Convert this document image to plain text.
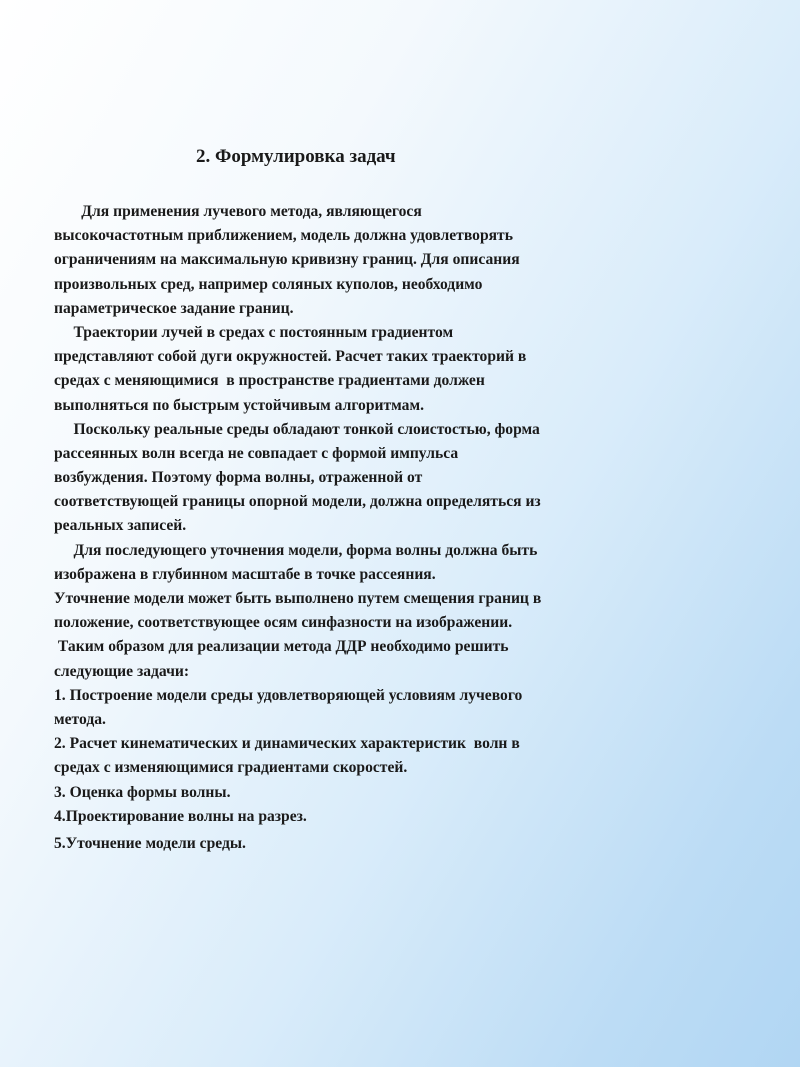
2. Формулировка задач
Для применения лучевого метода, являющегося
высокочастотным приближением, модель должна удовлетворять
ограничениям на максимальную кривизну границ. Для описания
произвольных сред, например соляных куполов, необходимо
параметрическое задание границ.
Траектории лучей в средах с постоянным градиентом
представляют собой дуги окружностей. Расчет таких траекторий в
средах с меняющимися  в пространстве градиентами должен
выполняться по быстрым устойчивым алгоритмам.
Поскольку реальные среды обладают тонкой слоистостью, форма
рассеянных волн всегда не совпадает с формой импульса
возбуждения. Поэтому форма волны, отраженной от
соответствующей границы опорной модели, должна определяться из
реальных записей.
Для последующего уточнения модели, форма волны должна быть
изображена в глубинном масштабе в точке рассеяния.
Уточнение модели может быть выполнено путем смещения границ в
положение, соответствующее осям синфазности на изображении.
Таким образом для реализации метода ДДР необходимо решить
следующие задачи:
1. Построение модели среды удовлетворяющей условиям лучевого
метода.
2. Расчет кинематических и динамических характеристик  волн в
средах с изменяющимися градиентами скоростей.
3. Оценка формы волны.
4.Проектирование волны на разрез.
5.Уточнение модели среды.
